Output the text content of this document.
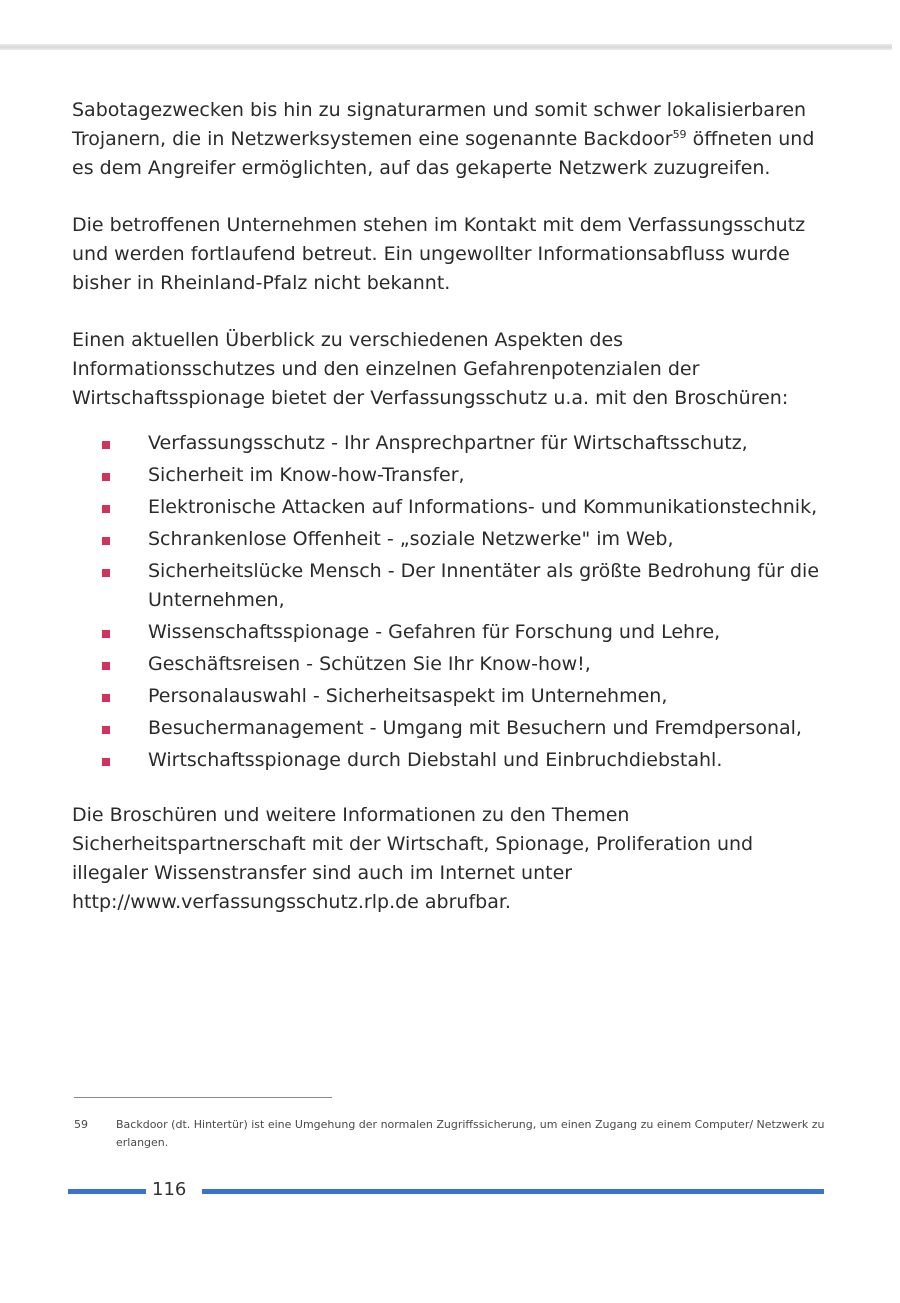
Sabotagezwecken bis hin zu signaturarmen und somit schwer lokalisierbaren Trojanern, die in Netzwerksystemen eine sogenannte Backdoor$^{59}$ öffneten und es dem Angreifer ermöglichten, auf das gekaperte Netzwerk zuzugreifen.

Die betroffenen Unternehmen stehen im Kontakt mit dem Verfassungsschutz und werden fortlaufend betreut. Ein ungewollter Informationsabfluss wurde bisher in Rheinland-Pfalz nicht bekannt.

Einen aktuellen Überblick zu verschiedenen Aspekten des Informationsschutzes und den einzelnen Gefahrenpotenzialen der Wirtschaftsspionage bietet der Verfassungsschutz u.a. mit den Broschüren:

Verfassungsschutz - Ihr Ansprechpartner für Wirtschaftsschutz,
Sicherheit im Know-how-Transfer,
Elektronische Attacken auf Informations- und Kommunikationstechnik,
Schrankenlose Offenheit - „soziale Netzwerke" im Web,
Sicherheitslücke Mensch - Der Innentäter als größte Bedrohung für die Unternehmen,
Wissenschaftsspionage - Gefahren für Forschung und Lehre,
Geschäftsreisen - Schützen Sie Ihr Know-how!,
Personalauswahl - Sicherheitsaspekt im Unternehmen,
Besuchermanagement - Umgang mit Besuchern und Fremdpersonal,
Wirtschaftsspionage durch Diebstahl und Einbruchdiebstahl.

Die Broschüren und weitere Informationen zu den Themen Sicherheitspartnerschaft mit der Wirtschaft, Spionage, Proliferation und illegaler Wissenstransfer sind auch im Internet unter http://www.verfassungsschutz.rlp.de abrufbar.

59	Backdoor (dt. Hintertür) ist eine Umgehung der normalen Zugriffssicherung, um einen Zugang zu einem Computer/ Netzwerk zu erlangen.
116
